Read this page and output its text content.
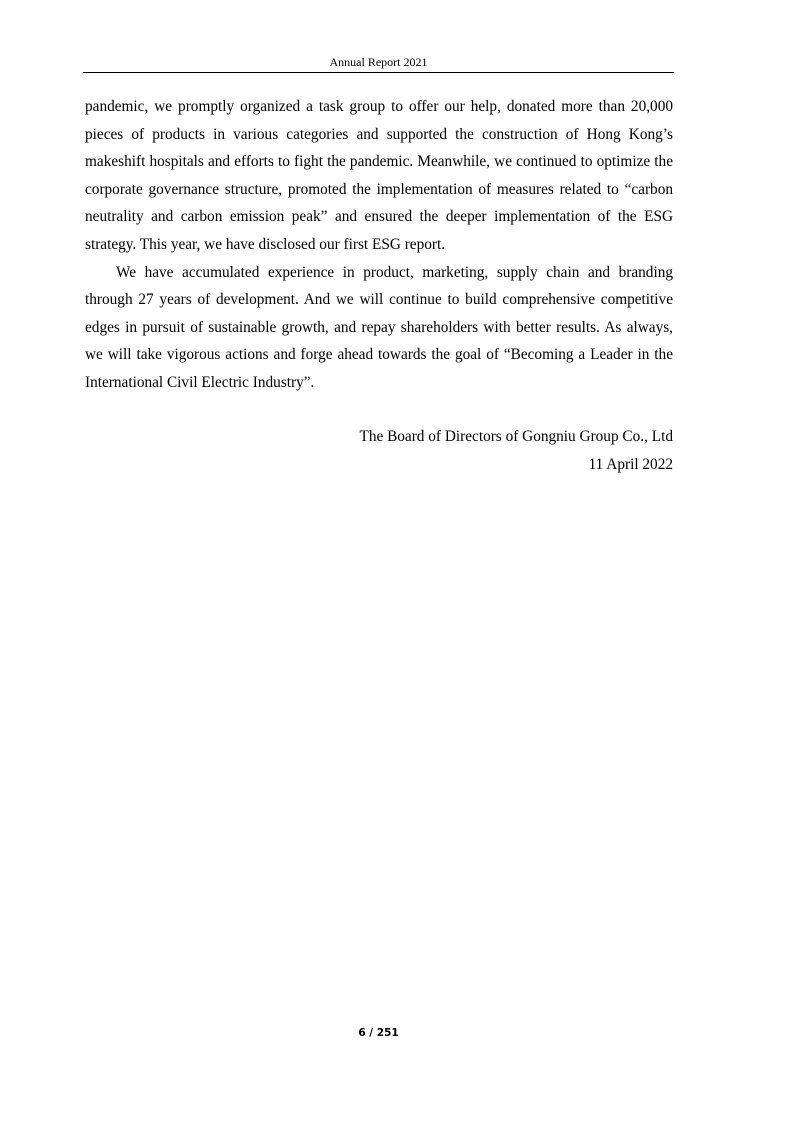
Annual Report 2021

pandemic, we promptly organized a task group to offer our help, donated more than 20,000 pieces of products in various categories and supported the construction of Hong Kong’s makeshift hospitals and efforts to fight the pandemic. Meanwhile, we continued to optimize the corporate governance structure, promoted the implementation of measures related to “carbon neutrality and carbon emission peak” and ensured the deeper implementation of the ESG strategy. This year, we have disclosed our first ESG report.

We have accumulated experience in product, marketing, supply chain and branding through 27 years of development. And we will continue to build comprehensive competitive edges in pursuit of sustainable growth, and repay shareholders with better results. As always, we will take vigorous actions and forge ahead towards the goal of “Becoming a Leader in the International Civil Electric Industry”.

The Board of Directors of Gongniu Group Co., Ltd
11 April 2022
6 / 251
